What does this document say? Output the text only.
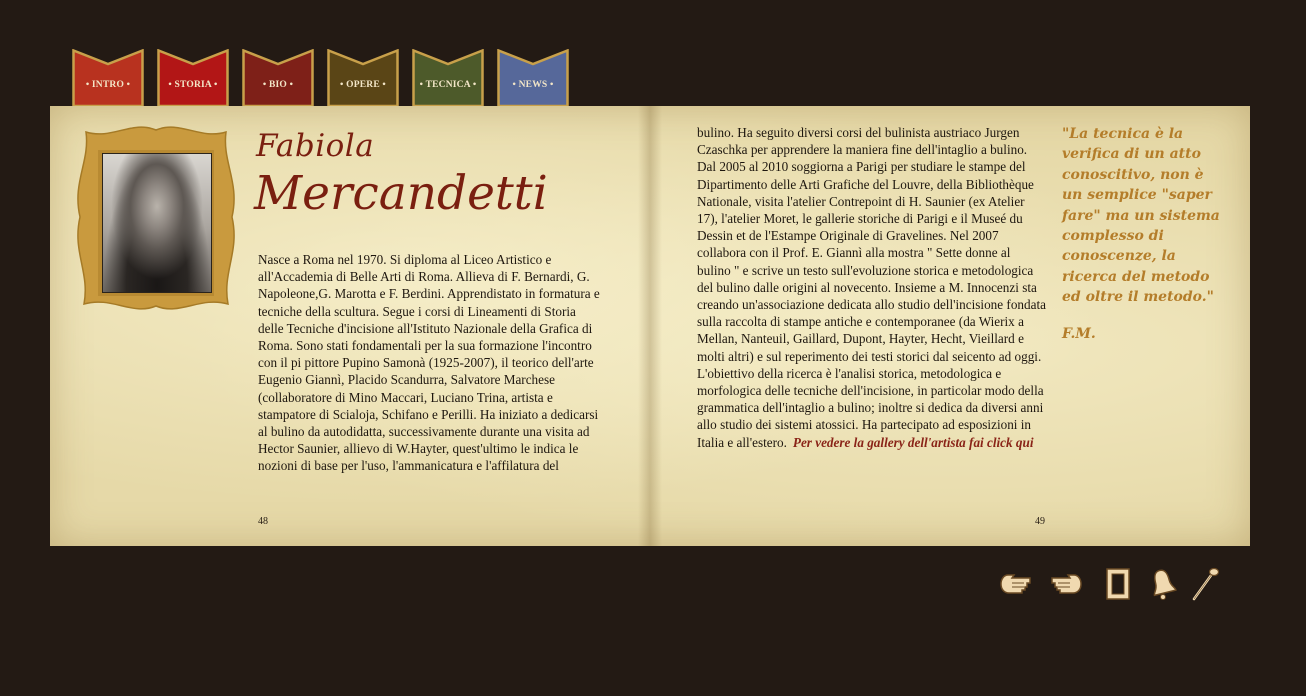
• INTRO •	• STORIA •	• BIO •	• OPERE •	• TECNICA •	• NEWS •
Fabiola
Mercandetti
Nasce a Roma nel 1970. Si diploma al Liceo Artistico e all'Accademia di Belle Arti di Roma. Allieva di F. Bernardi, G. Napoleone,G. Marotta e F. Berdini. Apprendistato in formatura e tecniche della scultura. Segue i corsi di Lineamenti di Storia delle Tecniche d'incisione all'Istituto Nazionale della Grafica di Roma. Sono stati fondamentali per la sua formazione l'incontro con il pi pittore Pupino Samonà (1925-2007), il teorico dell'arte Eugenio Giannì, Placido Scandurra, Salvatore Marchese (collaboratore di Mino Maccari, Luciano Trina, artista e stampatore di Scialoja, Schifano e Perilli. Ha iniziato a dedicarsi al bulino da autodidatta, successivamente durante una visita ad Hector Saunier, allievo di W.Hayter, quest'ultimo le indica le nozioni di base per l'uso, l'ammanicatura e l'affilatura del
48
bulino. Ha seguito diversi corsi del bulinista austriaco Jurgen Czaschka per apprendere la maniera fine dell'intaglio a bulino. Dal 2005 al 2010 soggiorna a Parigi per studiare le stampe del Dipartimento delle Arti Grafiche del Louvre, della Bibliothèque Nationale, visita l'atelier Contrepoint di H. Saunier (ex Atelier 17), l'atelier Moret, le gallerie storiche di Parigi e il Museé du Dessin et de l'Estampe Originale di Gravelines. Nel 2007 collabora con il Prof. E. Giannì alla mostra " Sette donne al bulino " e scrive un testo sull'evoluzione storica e metodologica del bulino dalle origini al novecento. Insieme a M. Innocenzi sta creando un'associazione dedicata allo studio dell'incisione fondata sulla raccolta di stampe antiche e contemporanee (da Wierix a Mellan, Nanteuil, Gaillard, Dupont, Hayter, Hecht, Vieillard e molti altri) e sul reperimento dei testi storici dal seicento ad oggi. L'obiettivo della ricerca è l'analisi storica, metodologica e morfologica delle tecniche dell'incisione, in particolar modo della grammatica dell'intaglio a bulino; inoltre si dedica da diversi anni allo studio dei sistemi atossici. Ha partecipato ad esposizioni in Italia e all'estero. Per vedere la gallery dell'artista fai click qui
49
"La tecnica è la verifica di un atto conoscitivo, non è un semplice "saper fare" ma un sistema complesso di conoscenze, la ricerca del metodo ed oltre il metodo."
F.M.
